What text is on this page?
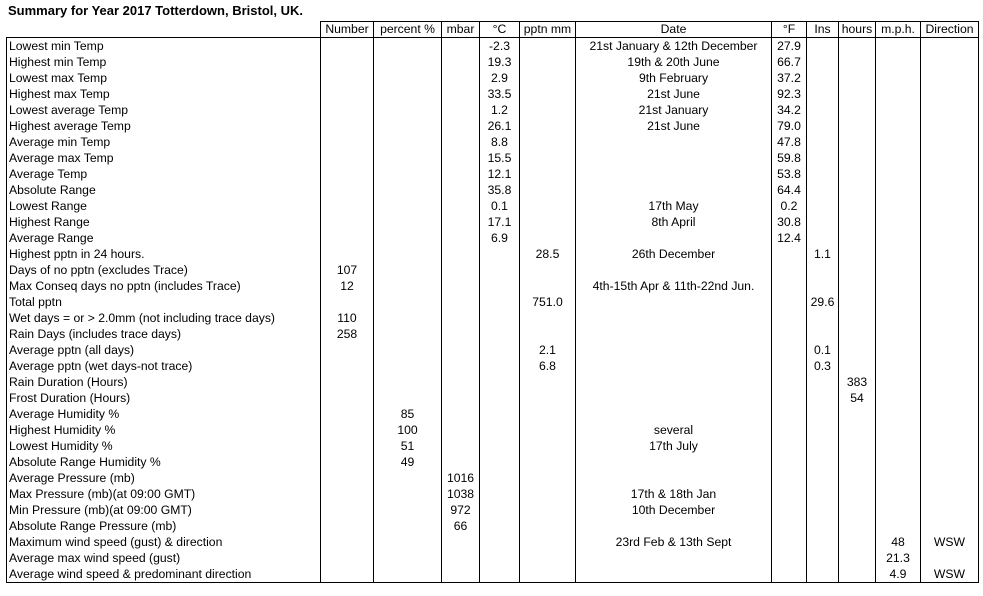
Summary for Year 2017 Totterdown, Bristol, UK.
	Number	percent %	mbar	°C	pptn mm	Date	°F	Ins	hours	m.p.h.	Direction
Lowest min Temp				-2.3		21st January & 12th December	27.9				
Highest min Temp				19.3		19th & 20th June	66.7				
Lowest max Temp				2.9		9th February	37.2				
Highest max Temp				33.5		21st June	92.3				
Lowest average Temp				1.2		21st January	34.2				
Highest average Temp				26.1		21st June	79.0				
Average min Temp				8.8			47.8				
Average max Temp				15.5			59.8				
Average Temp				12.1			53.8				
Absolute Range				35.8			64.4				
Lowest Range				0.1		17th May	0.2				
Highest Range				17.1		8th April	30.8				
Average Range				6.9			12.4				
Highest pptn in 24 hours.					28.5	26th December		1.1			
Days of no pptn (excludes Trace)	107										
Max Conseq days no pptn (includes Trace)	12					4th-15th Apr & 11th-22nd Jun.					
Total pptn					751.0			29.6			
Wet days = or > 2.0mm (not including trace days)	110										
Rain Days (includes trace days)	258										
Average pptn (all days)					2.1			0.1			
Average pptn (wet days-not trace)					6.8			0.3			
Rain Duration (Hours)									383		
Frost Duration (Hours)									54		
Average Humidity %		85									
Highest Humidity %		100				several					
Lowest Humidity %		51				17th July					
Absolute Range Humidity %		49									
Average Pressure (mb)			1016								
Max Pressure (mb)(at 09:00 GMT)			1038			17th & 18th Jan					
Min Pressure (mb)(at 09:00 GMT)			972			10th December					
Absolute Range Pressure (mb)			66								
Maximum wind speed (gust) & direction						23rd Feb & 13th Sept				48	WSW
Average max wind speed (gust)										21.3	
Average wind speed & predominant direction										4.9	WSW
